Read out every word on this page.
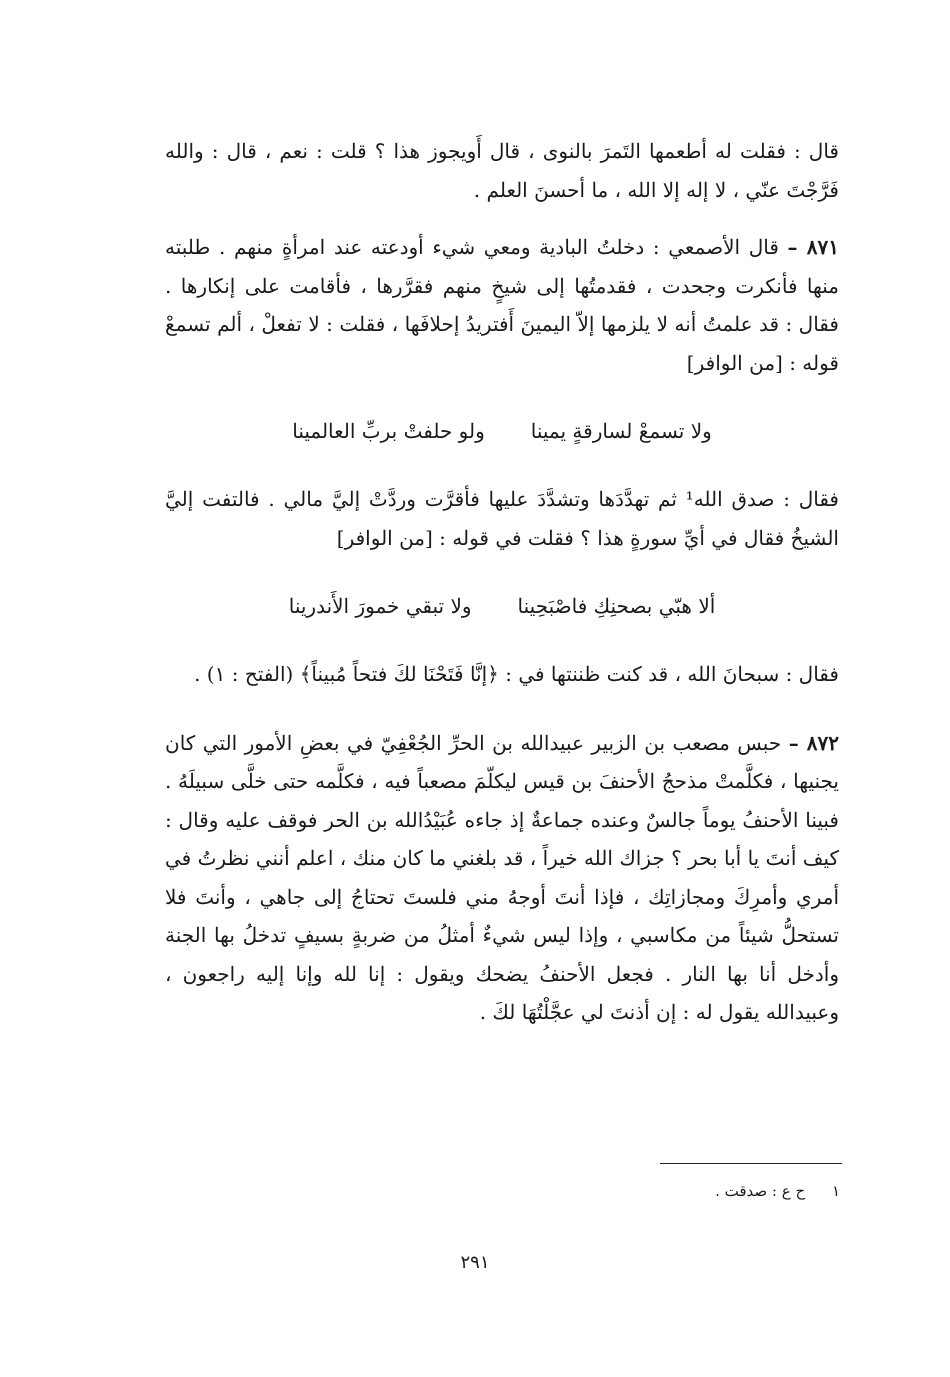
قال : فقلت له أطعمها التَمرَ بالنوى ، قال أَويجوز هذا ؟ قلت : نعم ، قال : والله فَرَّجْتَ عنّي ، لا إله إلا الله ، ما أحسنَ العلم .

٨٧١ – قال الأصمعي : دخلتُ البادية ومعي شيء أودعته عند امرأةٍ منهم . طلبته منها فأنكرت وجحدت ، فقدمتُها إلى شيخٍ منهم فقرَّرها ، فأقامت على إنكارها . فقال : قد علمتُ أنه لا يلزمها إلاّ اليمينَ أَفتريدُ إحلافَها ، فقلت : لا تفعلْ ، ألم تسمعْ قوله : [من الوافر]

ولا تسمعْ لسارقةٍ يمينا
ولو حلفتْ بربِّ العالمينا

فقال : صدق الله¹ ثم تهدَّدَها وتشدَّدَ عليها فأقرَّت وردَّتْ إليَّ مالي . فالتفت إليَّ الشيخُ فقال في أيِّ سورةٍ هذا ؟ فقلت في قوله : [من الوافر]

ألا هبّي بصحنِكِ فاصْبَحِينا
ولا تبقي خمورَ الأَندرينا

فقال : سبحانَ الله ، قد كنت ظننتها في : ﴿إنَّا فَتَحْنَا لكَ فتحاً مُبيناً﴾ (الفتح : ١) .

٨٧٢ – حبس مصعب بن الزبير عبيدالله بن الحرِّ الجُعْفِيّ في بعضِ الأمور التي كان يجنيها ، فكلَّمتْ مذحجُ الأحنفَ بن قيس ليكلّمَ مصعباً فيه ، فكلَّمه حتى خلَّى سبيلَهُ . فبينا الأحنفُ يوماً جالسٌ وعنده جماعةٌ إذ جاءه عُبَيْدُالله بن الحر فوقف عليه وقال : كيف أنتَ يا أبا بحر ؟ جزاك الله خيراً ، قد بلغني ما كان منك ، اعلم أنني نظرتُ في أمري وأمرِكَ ومجازاتِك ، فإذا أنتَ أوجهُ مني فلستَ تحتاجُ إلى جاهي ، وأنتَ فلا تستحلُّ شيئاً من مكاسبي ، وإذا ليس شيءٌ أمثلُ من ضربةٍ بسيفٍ تدخلُ بها الجنة وأدخل أنا بها النار . فجعل الأحنفُ يضحك ويقول : إنا لله وإنا إليه راجعون ، وعبيدالله يقول له : إن أذنتَ لي عجَّلْتُهَا لكَ .

١ ح ع : صدقت .
٢٩١
